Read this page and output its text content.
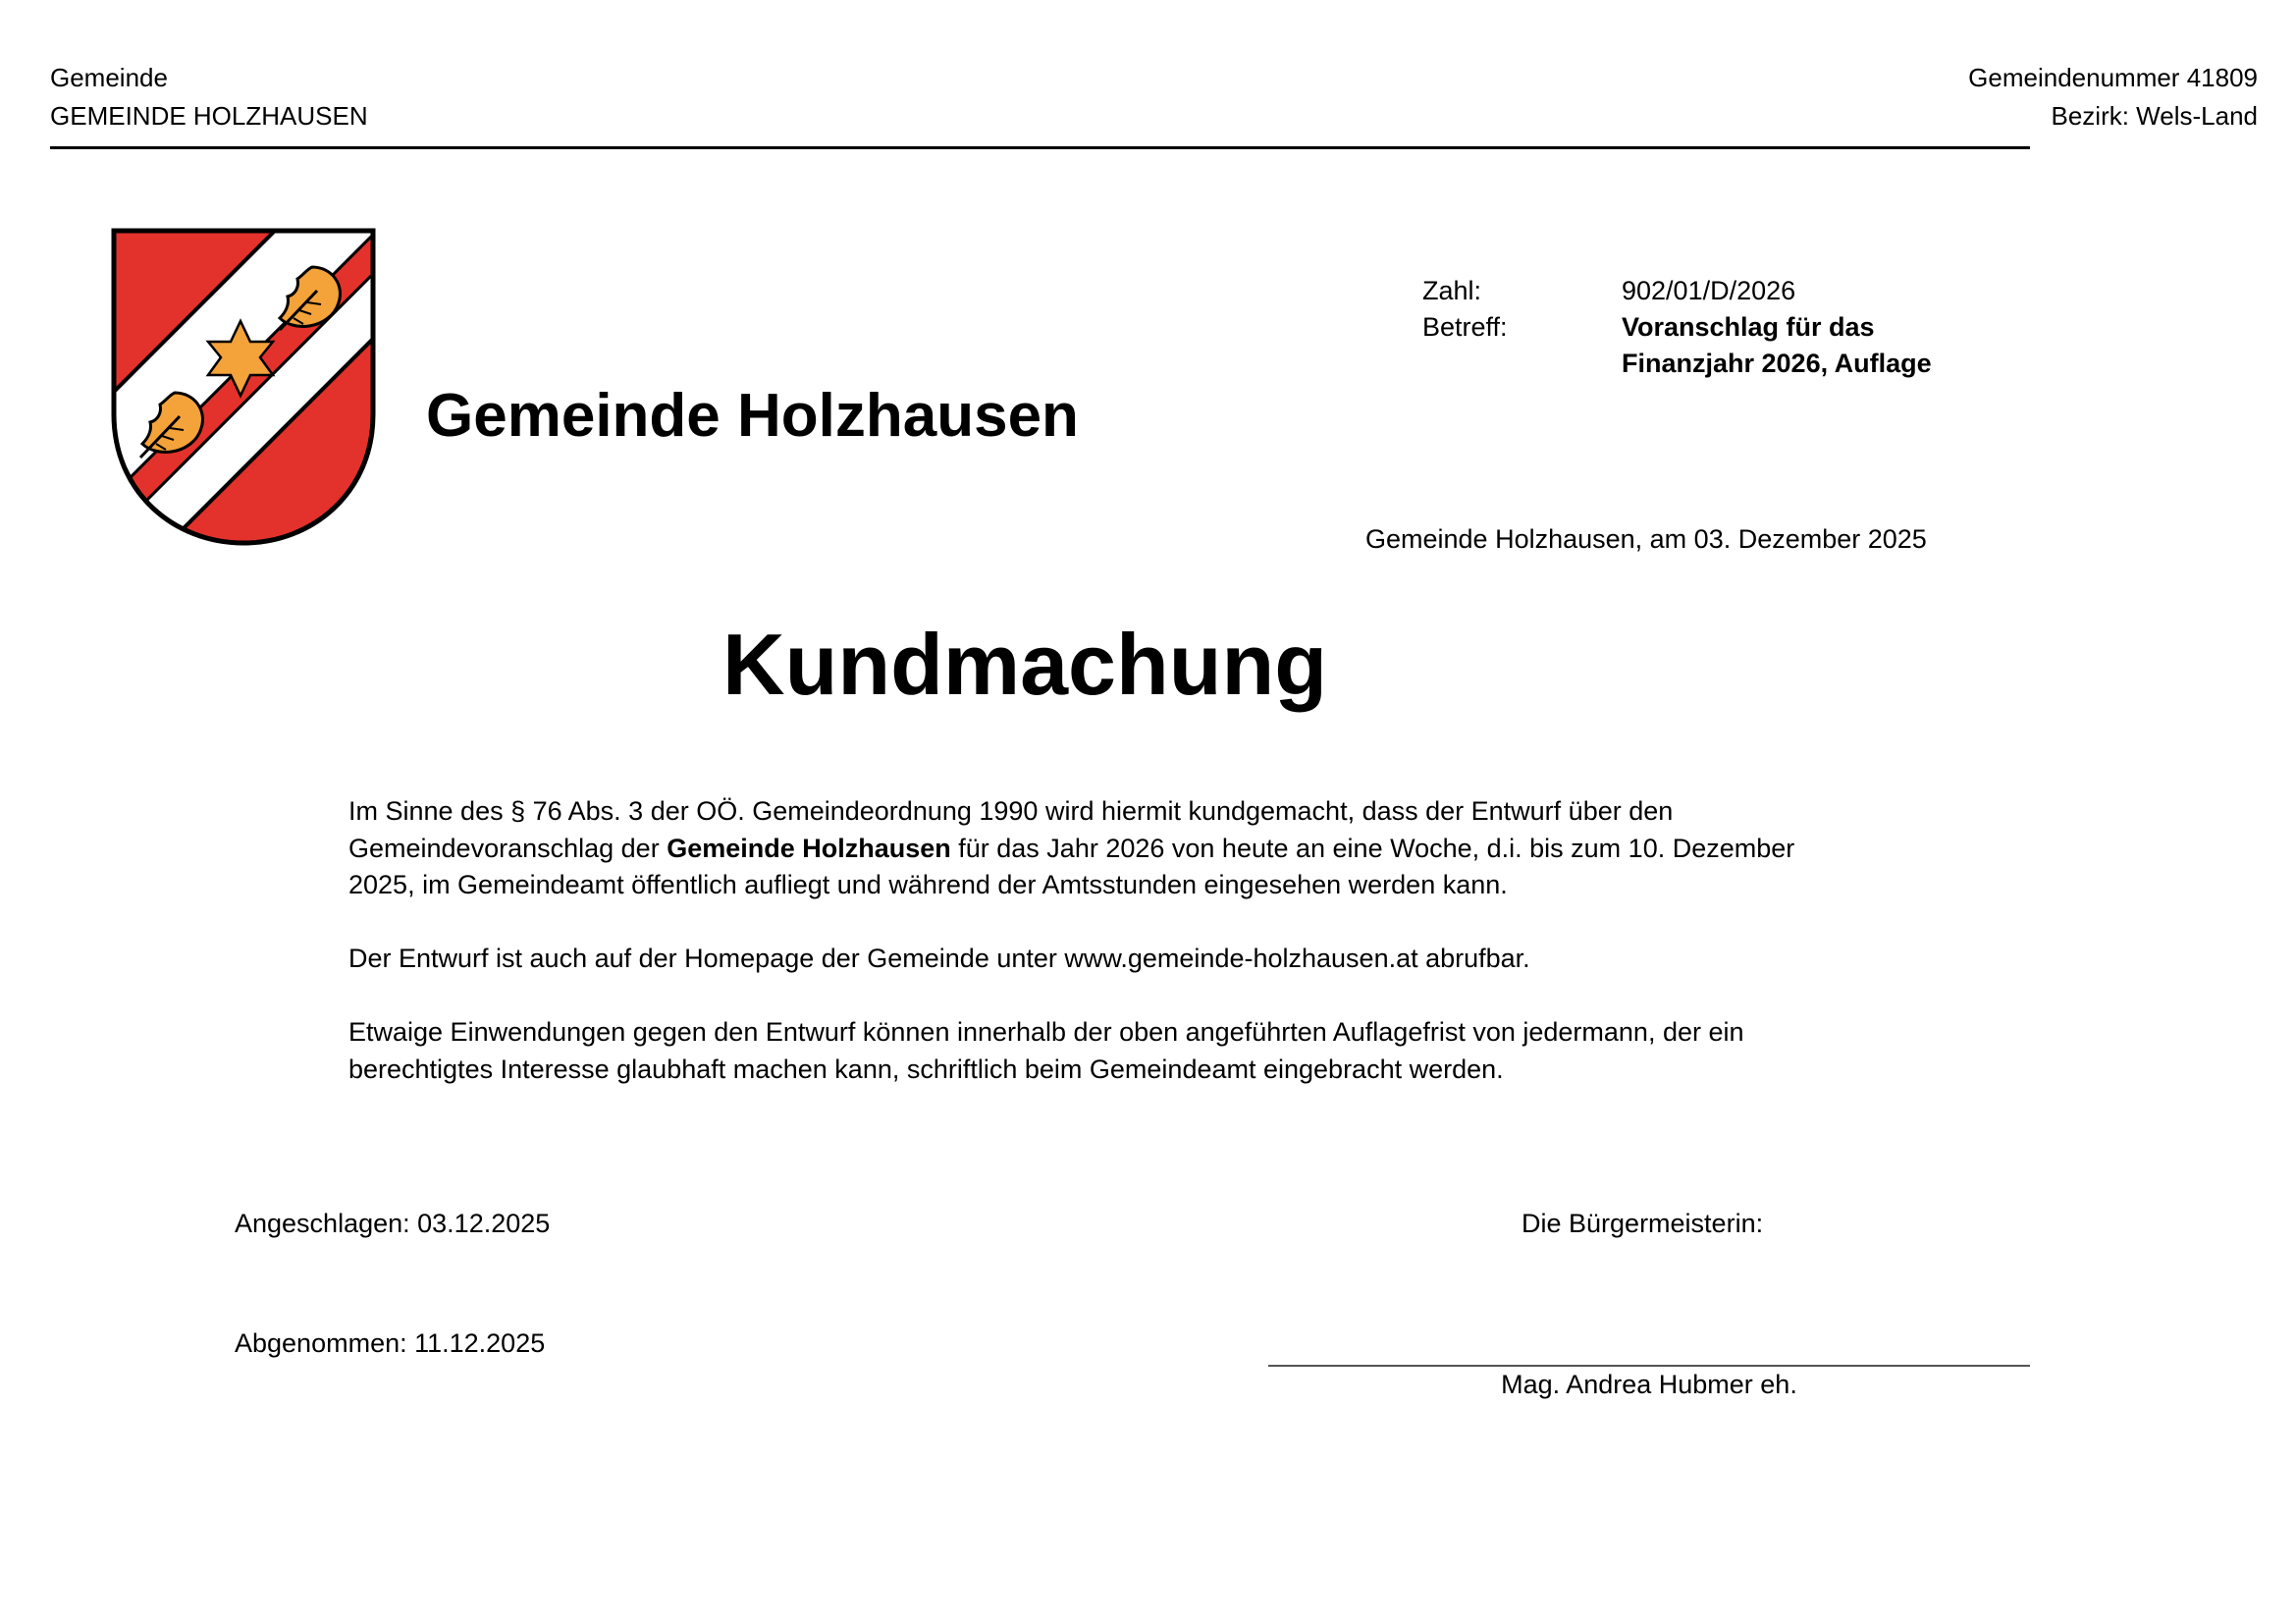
Gemeinde
GEMEINDE HOLZHAUSEN
Gemeindenummer 41809
Bezirk: Wels-Land
Gemeinde Holzhausen
Zahl:	902/01/D/2026
Betreff:	Voranschlag für das
Finanzjahr 2026, Auflage
Gemeinde Holzhausen, am 03. Dezember 2025
Kundmachung

Im Sinne des § 76 Abs. 3 der OÖ. Gemeindeordnung 1990 wird hiermit kundgemacht, dass der Entwurf über den Gemeindevoranschlag der Gemeinde Holzhausen für das Jahr 2026 von heute an eine Woche, d.i. bis zum 10. Dezember 2025, im Gemeindeamt öffentlich aufliegt und während der Amtsstunden eingesehen werden kann.

Der Entwurf ist auch auf der Homepage der Gemeinde unter www.gemeinde-holzhausen.at abrufbar.

Etwaige Einwendungen gegen den Entwurf können innerhalb der oben angeführten Auflagefrist von jedermann, der ein berechtigtes Interesse glaubhaft machen kann, schriftlich beim Gemeindeamt eingebracht werden.

Angeschlagen: 03.12.2025
Abgenommen: 11.12.2025
Die Bürgermeisterin:
Mag. Andrea Hubmer eh.
